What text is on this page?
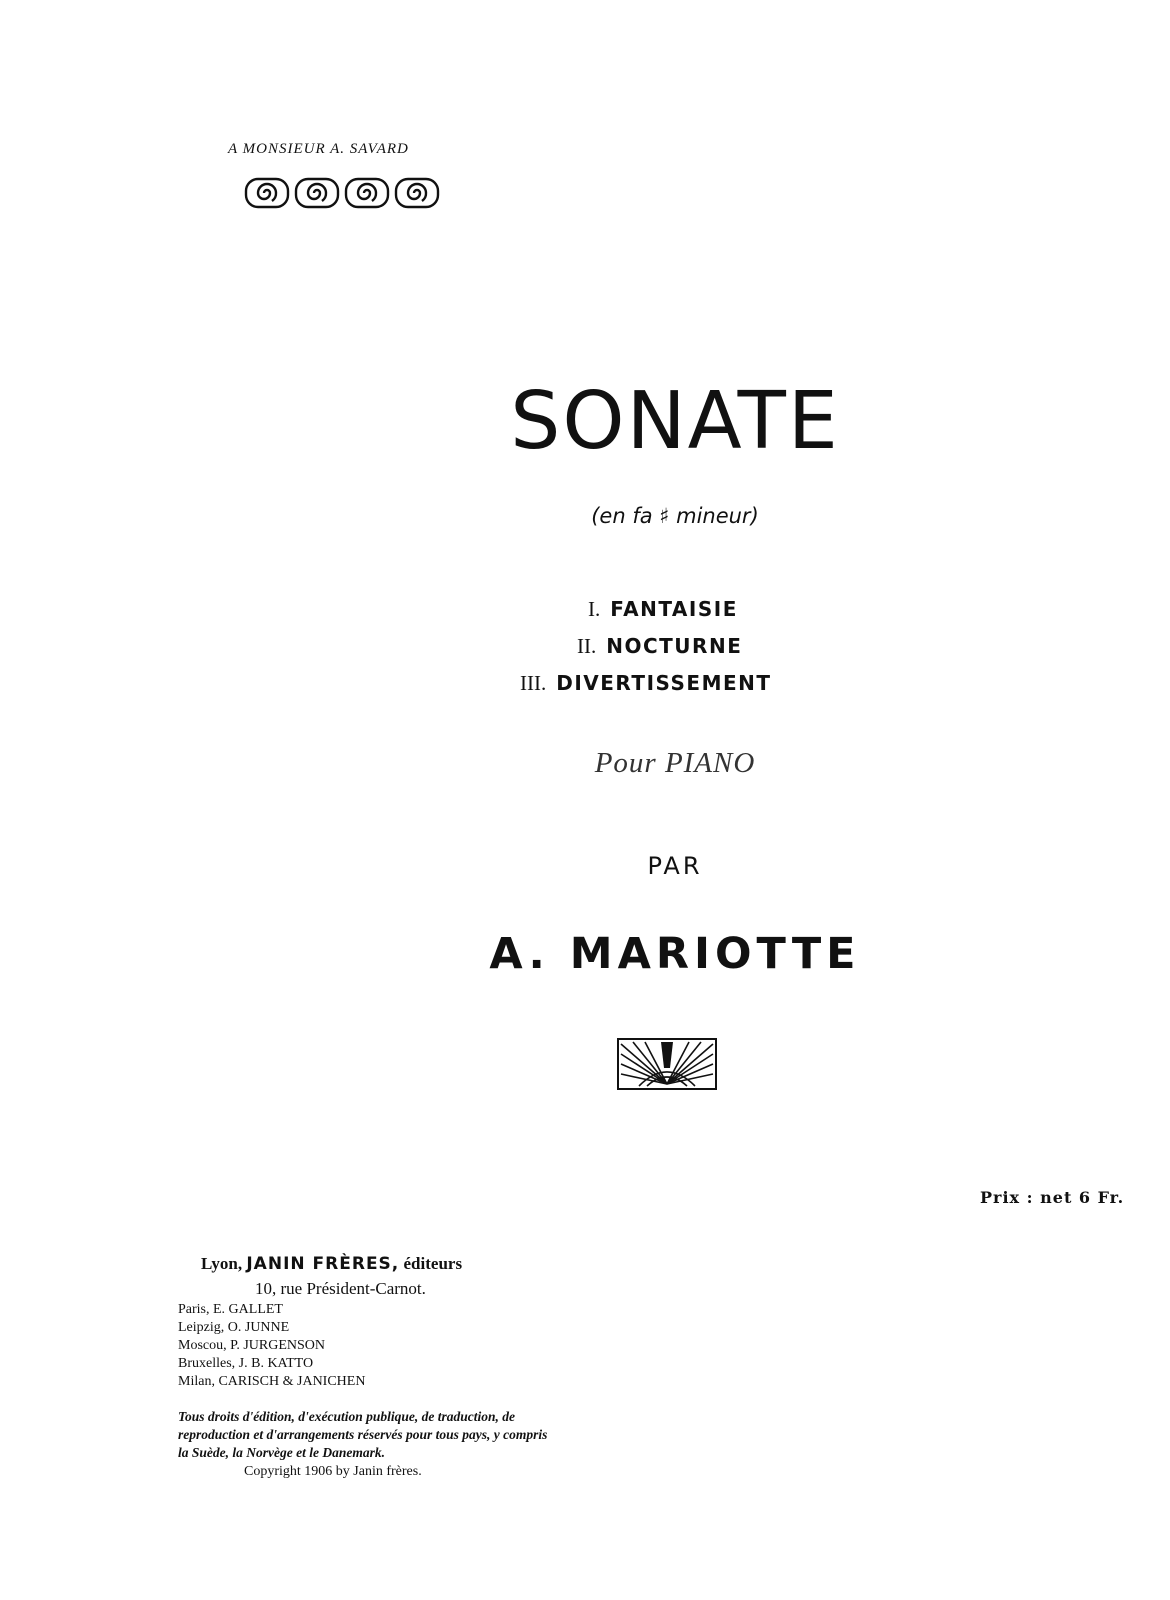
A MONSIEUR A. SAVARD
SONATE
(en fa ♯ mineur)
I. FANTAISIE
II. NOCTURNE
III. DIVERTISSEMENT
Pour PIANO
PAR
A. MARIOTTE
Prix : net 6 Fr.
Lyon, JANIN FRÈRES, éditeurs
10, rue Président-Carnot.
Paris, E. GALLET
Leipzig, O. JUNNE
Moscou, P. JURGENSON
Bruxelles, J. B. KATTO
Milan, CARISCH & JANICHEN
Tous droits d'édition, d'exécution publique, de traduction, de reproduction et d'arrangements réservés pour tous pays, y compris la Suède, la Norvège et le Danemark.
Copyright 1906 by Janin frères.
